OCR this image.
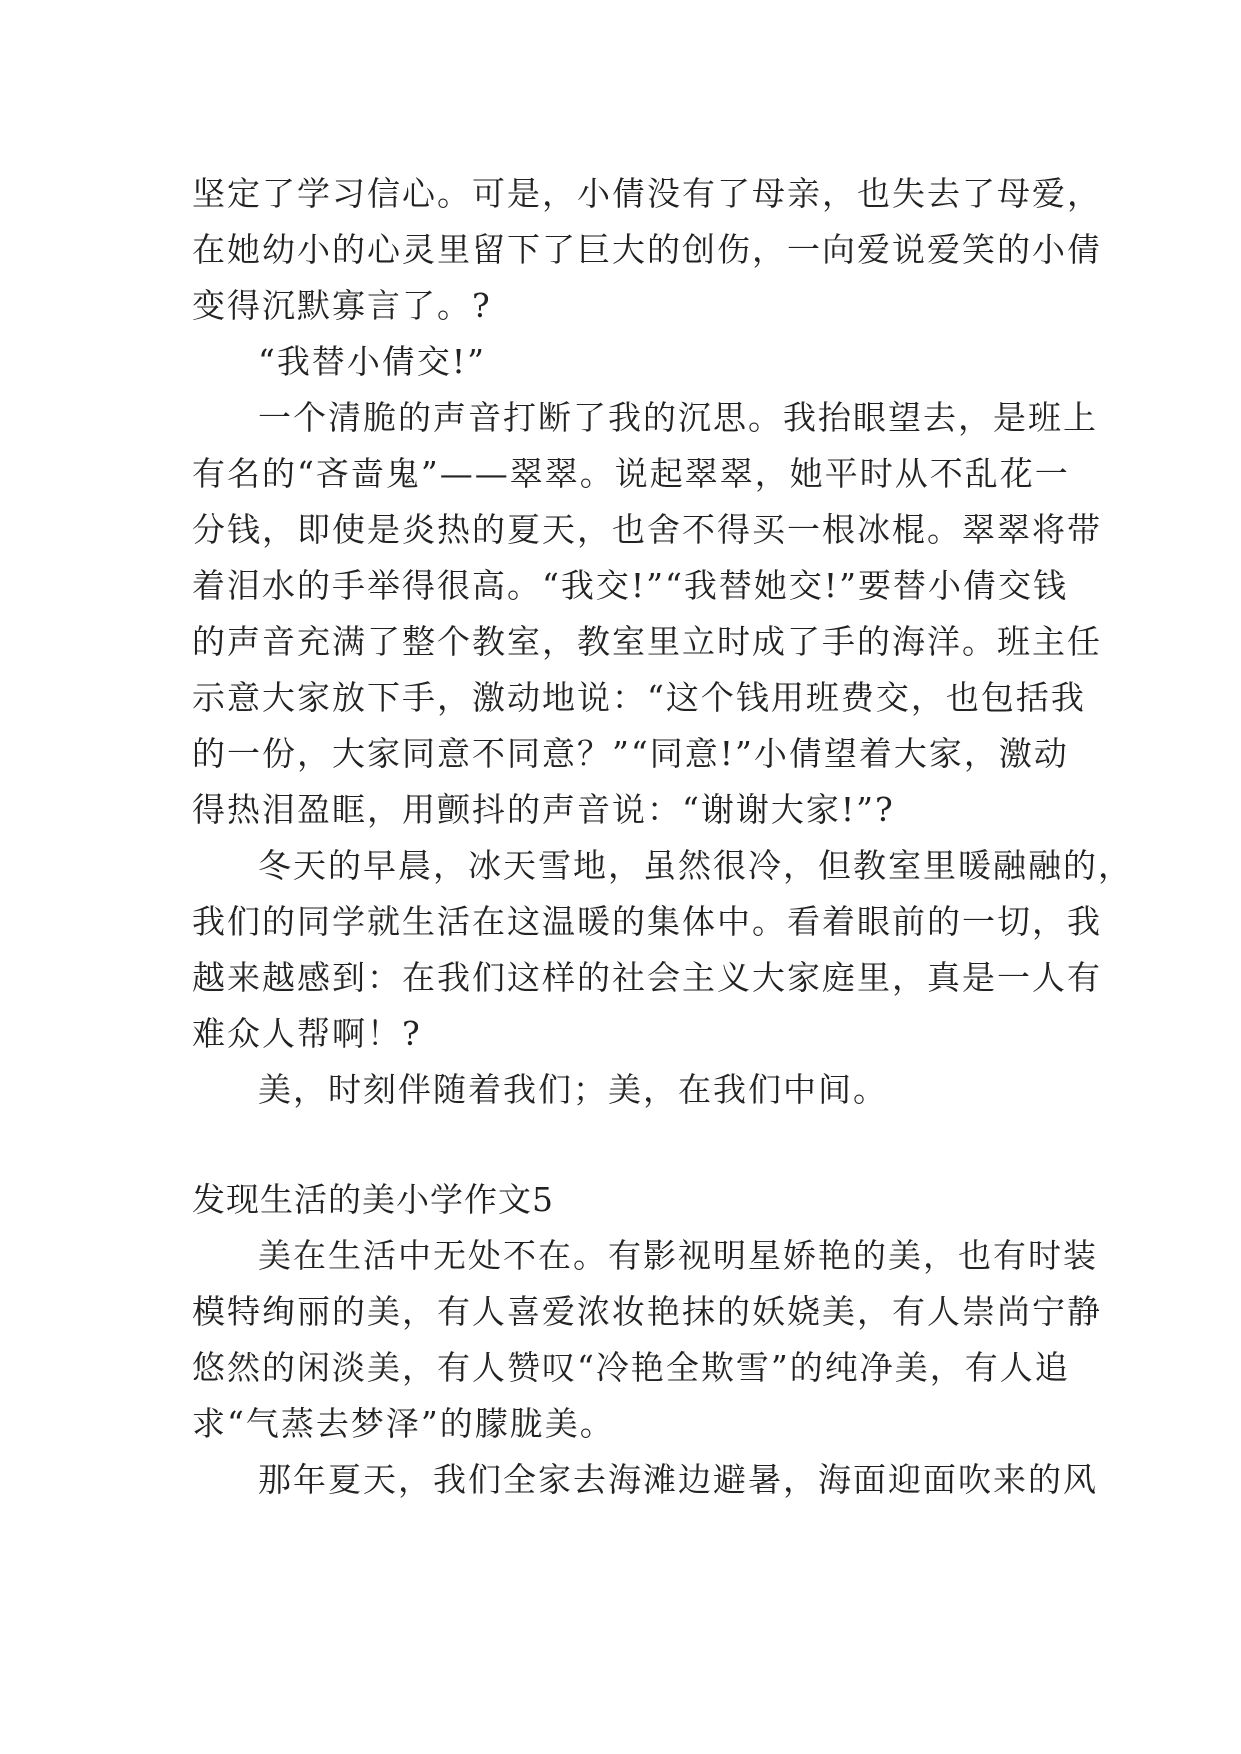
坚定了学习信心。可是，小倩没有了母亲，也失去了母爱，
在她幼小的心灵里留下了巨大的创伤，一向爱说爱笑的小倩
变得沉默寡言了。?
“我替小倩交!”
一个清脆的声音打断了我的沉思。我抬眼望去，是班上
有名的“吝啬鬼”——翠翠。说起翠翠，她平时从不乱花一
分钱，即使是炎热的夏天，也舍不得买一根冰棍。翠翠将带
着泪水的手举得很高。“我交!”“我替她交!”要替小倩交钱
的声音充满了整个教室，教室里立时成了手的海洋。班主任
示意大家放下手，激动地说：“这个钱用班费交，也包括我
的一份，大家同意不同意？”“同意!”小倩望着大家，激动
得热泪盈眶，用颤抖的声音说：“谢谢大家!”?
冬天的早晨，冰天雪地，虽然很冷，但教室里暖融融的，
我们的同学就生活在这温暖的集体中。看着眼前的一切，我
越来越感到：在我们这样的社会主义大家庭里，真是一人有
难众人帮啊！?
美，时刻伴随着我们；美，在我们中间。
发现生活的美小学作文5
美在生活中无处不在。有影视明星娇艳的美，也有时装
模特绚丽的美，有人喜爱浓妆艳抹的妖娆美，有人崇尚宁静
悠然的闲淡美，有人赞叹“冷艳全欺雪”的纯净美，有人追
求“气蒸去梦泽”的朦胧美。
那年夏天，我们全家去海滩边避暑，海面迎面吹来的风
